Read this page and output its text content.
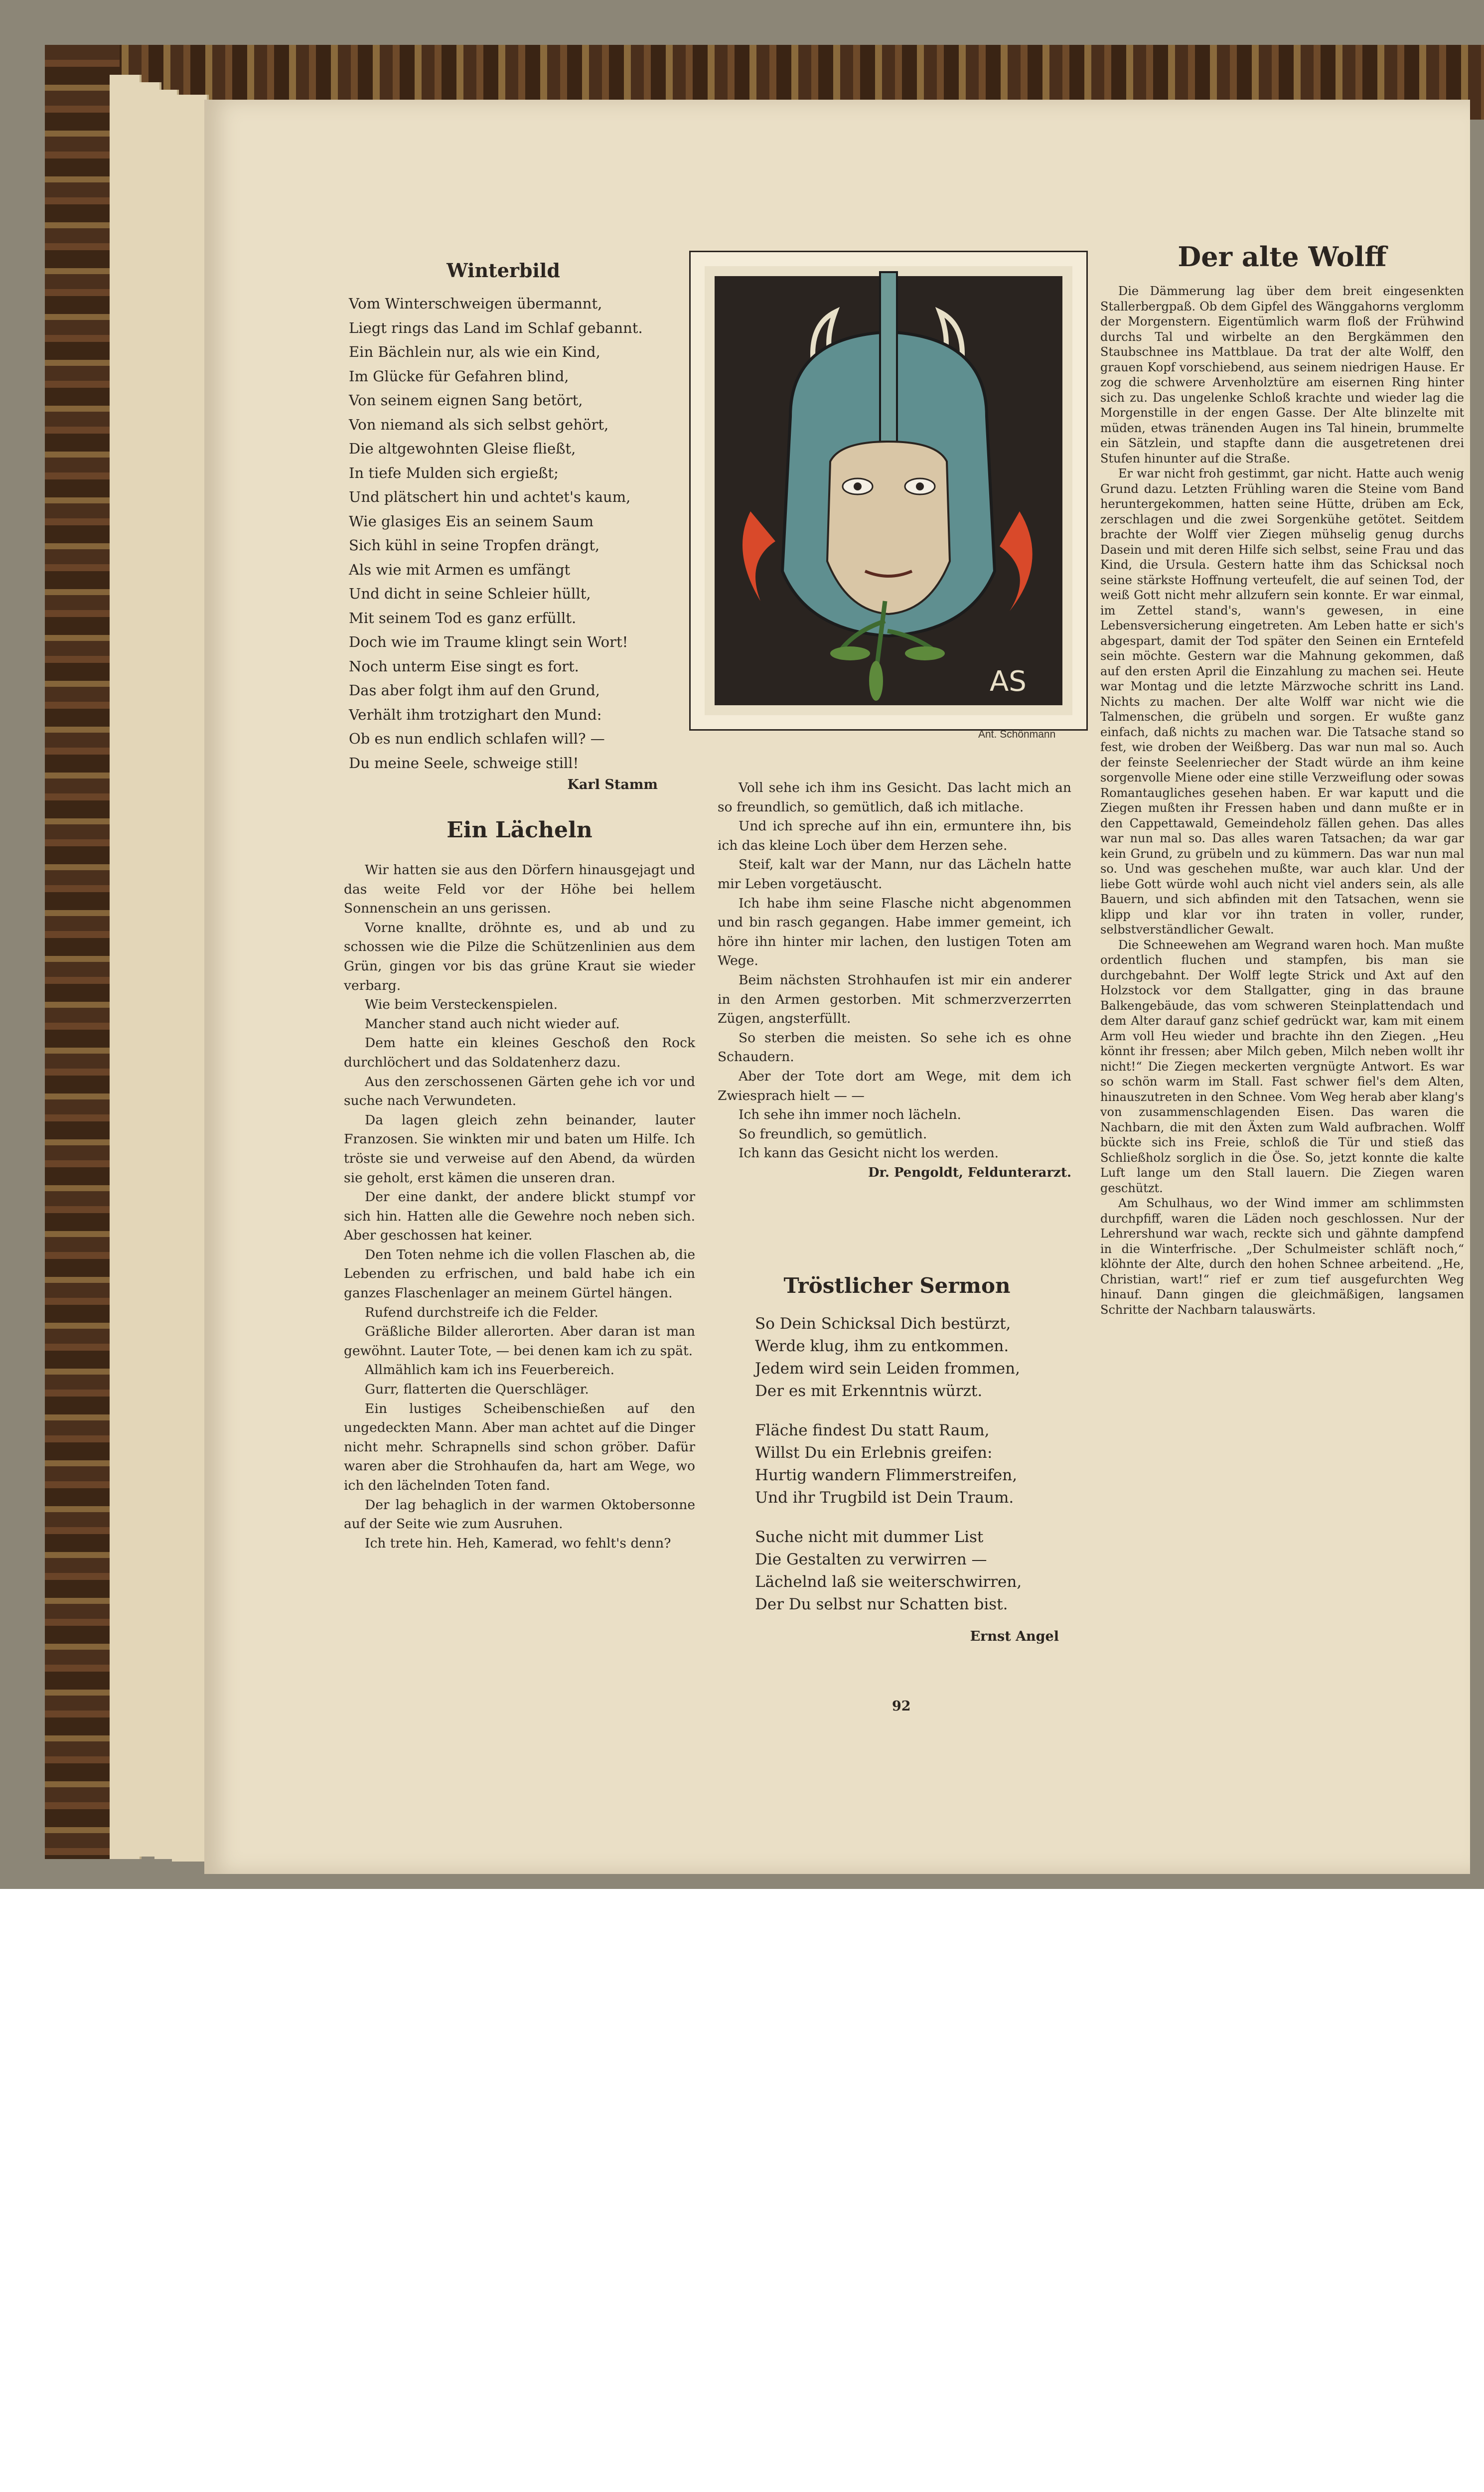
Winterbild
Vom Winterschweigen übermannt,
Liegt rings das Land im Schlaf gebannt.
Ein Bächlein nur, als wie ein Kind,
Im Glücke für Gefahren blind,
Von seinem eignen Sang betört,
Von niemand als sich selbst gehört,
Die altgewohnten Gleise fließt,
In tiefe Mulden sich ergießt;
Und plätschert hin und achtet's kaum,
Wie glasiges Eis an seinem Saum
Sich kühl in seine Tropfen drängt,
Als wie mit Armen es umfängt
Und dicht in seine Schleier hüllt,
Mit seinem Tod es ganz erfüllt.
Doch wie im Traume klingt sein Wort!
Noch unterm Eise singt es fort.
Das aber folgt ihm auf den Grund,
Verhält ihm trotzighart den Mund:
Ob es nun endlich schlafen will? —
Du meine Seele, schweige still!
Karl Stamm
Ein Lächeln

Wir hatten sie aus den Dörfern hinausgejagt und das weite Feld vor der Höhe bei hellem Sonnenschein an uns gerissen.

Vorne knallte, dröhnte es, und ab und zu schossen wie die Pilze die Schützenlinien aus dem Grün, gingen vor bis das grüne Kraut sie wieder verbarg.

Wie beim Versteckenspielen.

Mancher stand auch nicht wieder auf.

Dem hatte ein kleines Geschoß den Rock durchlöchert und das Soldatenherz dazu.

Aus den zerschossenen Gärten gehe ich vor und suche nach Verwundeten.

Da lagen gleich zehn beinander, lauter Franzosen. Sie winkten mir und baten um Hilfe. Ich tröste sie und verweise auf den Abend, da würden sie geholt, erst kämen die unseren dran.

Der eine dankt, der andere blickt stumpf vor sich hin. Hatten alle die Gewehre noch neben sich. Aber geschossen hat keiner.

Den Toten nehme ich die vollen Flaschen ab, die Lebenden zu erfrischen, und bald habe ich ein ganzes Flaschenlager an meinem Gürtel hängen.

Rufend durchstreife ich die Felder.

Gräßliche Bilder allerorten. Aber daran ist man gewöhnt. Lauter Tote, — bei denen kam ich zu spät.

Allmählich kam ich ins Feuerbereich.

Gurr, flatterten die Querschläger.

Ein lustiges Scheibenschießen auf den ungedeckten Mann. Aber man achtet auf die Dinger nicht mehr. Schrapnells sind schon gröber. Dafür waren aber die Strohhaufen da, hart am Wege, wo ich den lächelnden Toten fand.

Der lag behaglich in der warmen Oktobersonne auf der Seite wie zum Ausruhen.

Ich trete hin. Heh, Kamerad, wo fehlt's denn?

AS
Ant. Schönmann

Voll sehe ich ihm ins Gesicht. Das lacht mich an so freundlich, so gemütlich, daß ich mitlache.

Und ich spreche auf ihn ein, ermuntere ihn, bis ich das kleine Loch über dem Herzen sehe.

Steif, kalt war der Mann, nur das Lächeln hatte mir Leben vorgetäuscht.

Ich habe ihm seine Flasche nicht abgenommen und bin rasch gegangen. Habe immer gemeint, ich höre ihn hinter mir lachen, den lustigen Toten am Wege.

Beim nächsten Strohhaufen ist mir ein anderer in den Armen gestorben. Mit schmerzverzerrten Zügen, angsterfüllt.

So sterben die meisten. So sehe ich es ohne Schaudern.

Aber der Tote dort am Wege, mit dem ich Zwiesprach hielt — —

Ich sehe ihn immer noch lächeln.

So freundlich, so gemütlich.

Ich kann das Gesicht nicht los werden.

Dr. Pengoldt, Feldunterarzt.
Tröstlicher Sermon
So Dein Schicksal Dich bestürzt,
Werde klug, ihm zu entkommen.
Jedem wird sein Leiden frommen,
Der es mit Erkenntnis würzt.
Fläche findest Du statt Raum,
Willst Du ein Erlebnis greifen:
Hurtig wandern Flimmerstreifen,
Und ihr Trugbild ist Dein Traum.
Suche nicht mit dummer List
Die Gestalten zu verwirren —
Lächelnd laß sie weiterschwirren,
Der Du selbst nur Schatten bist.
Ernst Angel
Der alte Wolff

Die Dämmerung lag über dem breit eingesenkten Stallerbergpaß. Ob dem Gipfel des Wänggahorns verglomm der Morgenstern. Eigentümlich warm floß der Frühwind durchs Tal und wirbelte an den Bergkämmen den Staubschnee ins Mattblaue. Da trat der alte Wolff, den grauen Kopf vorschiebend, aus seinem niedrigen Hause. Er zog die schwere Arvenholztüre am eisernen Ring hinter sich zu. Das ungelenke Schloß krachte und wieder lag die Morgenstille in der engen Gasse. Der Alte blinzelte mit müden, etwas tränenden Augen ins Tal hinein, brummelte ein Sätzlein, und stapfte dann die ausgetretenen drei Stufen hinunter auf die Straße.

Er war nicht froh gestimmt, gar nicht. Hatte auch wenig Grund dazu. Letzten Frühling waren die Steine vom Band heruntergekommen, hatten seine Hütte, drüben am Eck, zerschlagen und die zwei Sorgenkühe getötet. Seitdem brachte der Wolff vier Ziegen mühselig genug durchs Dasein und mit deren Hilfe sich selbst, seine Frau und das Kind, die Ursula. Gestern hatte ihm das Schicksal noch seine stärkste Hoffnung verteufelt, die auf seinen Tod, der weiß Gott nicht mehr allzufern sein konnte. Er war einmal, im Zettel stand's, wann's gewesen, in eine Lebensversicherung eingetreten. Am Leben hatte er sich's abgespart, damit der Tod später den Seinen ein Erntefeld sein möchte. Gestern war die Mahnung gekommen, daß auf den ersten April die Einzahlung zu machen sei. Heute war Montag und die letzte Märzwoche schritt ins Land. Nichts zu machen. Der alte Wolff war nicht wie die Talmenschen, die grübeln und sorgen. Er wußte ganz einfach, daß nichts zu machen war. Die Tatsache stand so fest, wie droben der Weißberg. Das war nun mal so. Auch der feinste Seelenriecher der Stadt würde an ihm keine sorgenvolle Miene oder eine stille Verzweiflung oder sowas Romantaugliches gesehen haben. Er war kaputt und die Ziegen mußten ihr Fressen haben und dann mußte er in den Cappettawald, Gemeindeholz fällen gehen. Das alles war nun mal so. Das alles waren Tatsachen; da war gar kein Grund, zu grübeln und zu kümmern. Das war nun mal so. Und was geschehen mußte, war auch klar. Und der liebe Gott würde wohl auch nicht viel anders sein, als alle Bauern, und sich abfinden mit den Tatsachen, wenn sie klipp und klar vor ihn traten in voller, runder, selbstverständlicher Gewalt.

Die Schneewehen am Wegrand waren hoch. Man mußte ordentlich fluchen und stampfen, bis man sie durchgebahnt. Der Wolff legte Strick und Axt auf den Holzstock vor dem Stallgatter, ging in das braune Balkengebäude, das vom schweren Steinplattendach und dem Alter darauf ganz schief gedrückt war, kam mit einem Arm voll Heu wieder und brachte ihn den Ziegen. „Heu könnt ihr fressen; aber Milch geben, Milch neben wollt ihr nicht!“ Die Ziegen meckerten vergnügte Antwort. Es war so schön warm im Stall. Fast schwer fiel's dem Alten, hinauszutreten in den Schnee. Vom Weg herab aber klang's von zusammenschlagenden Eisen. Das waren die Nachbarn, die mit den Äxten zum Wald aufbrachen. Wolff bückte sich ins Freie, schloß die Tür und stieß das Schließholz sorglich in die Öse. So, jetzt konnte die kalte Luft lange um den Stall lauern. Die Ziegen waren geschützt.

Am Schulhaus, wo der Wind immer am schlimmsten durchpfiff, waren die Läden noch geschlossen. Nur der Lehrershund war wach, reckte sich und gähnte dampfend in die Winterfrische. „Der Schulmeister schläft noch,“ klöhnte der Alte, durch den hohen Schnee arbeitend. „He, Christian, wart!“ rief er zum tief ausgefurchten Weg hinauf. Dann gingen die gleichmäßigen, langsamen Schritte der Nachbarn talauswärts.

92
